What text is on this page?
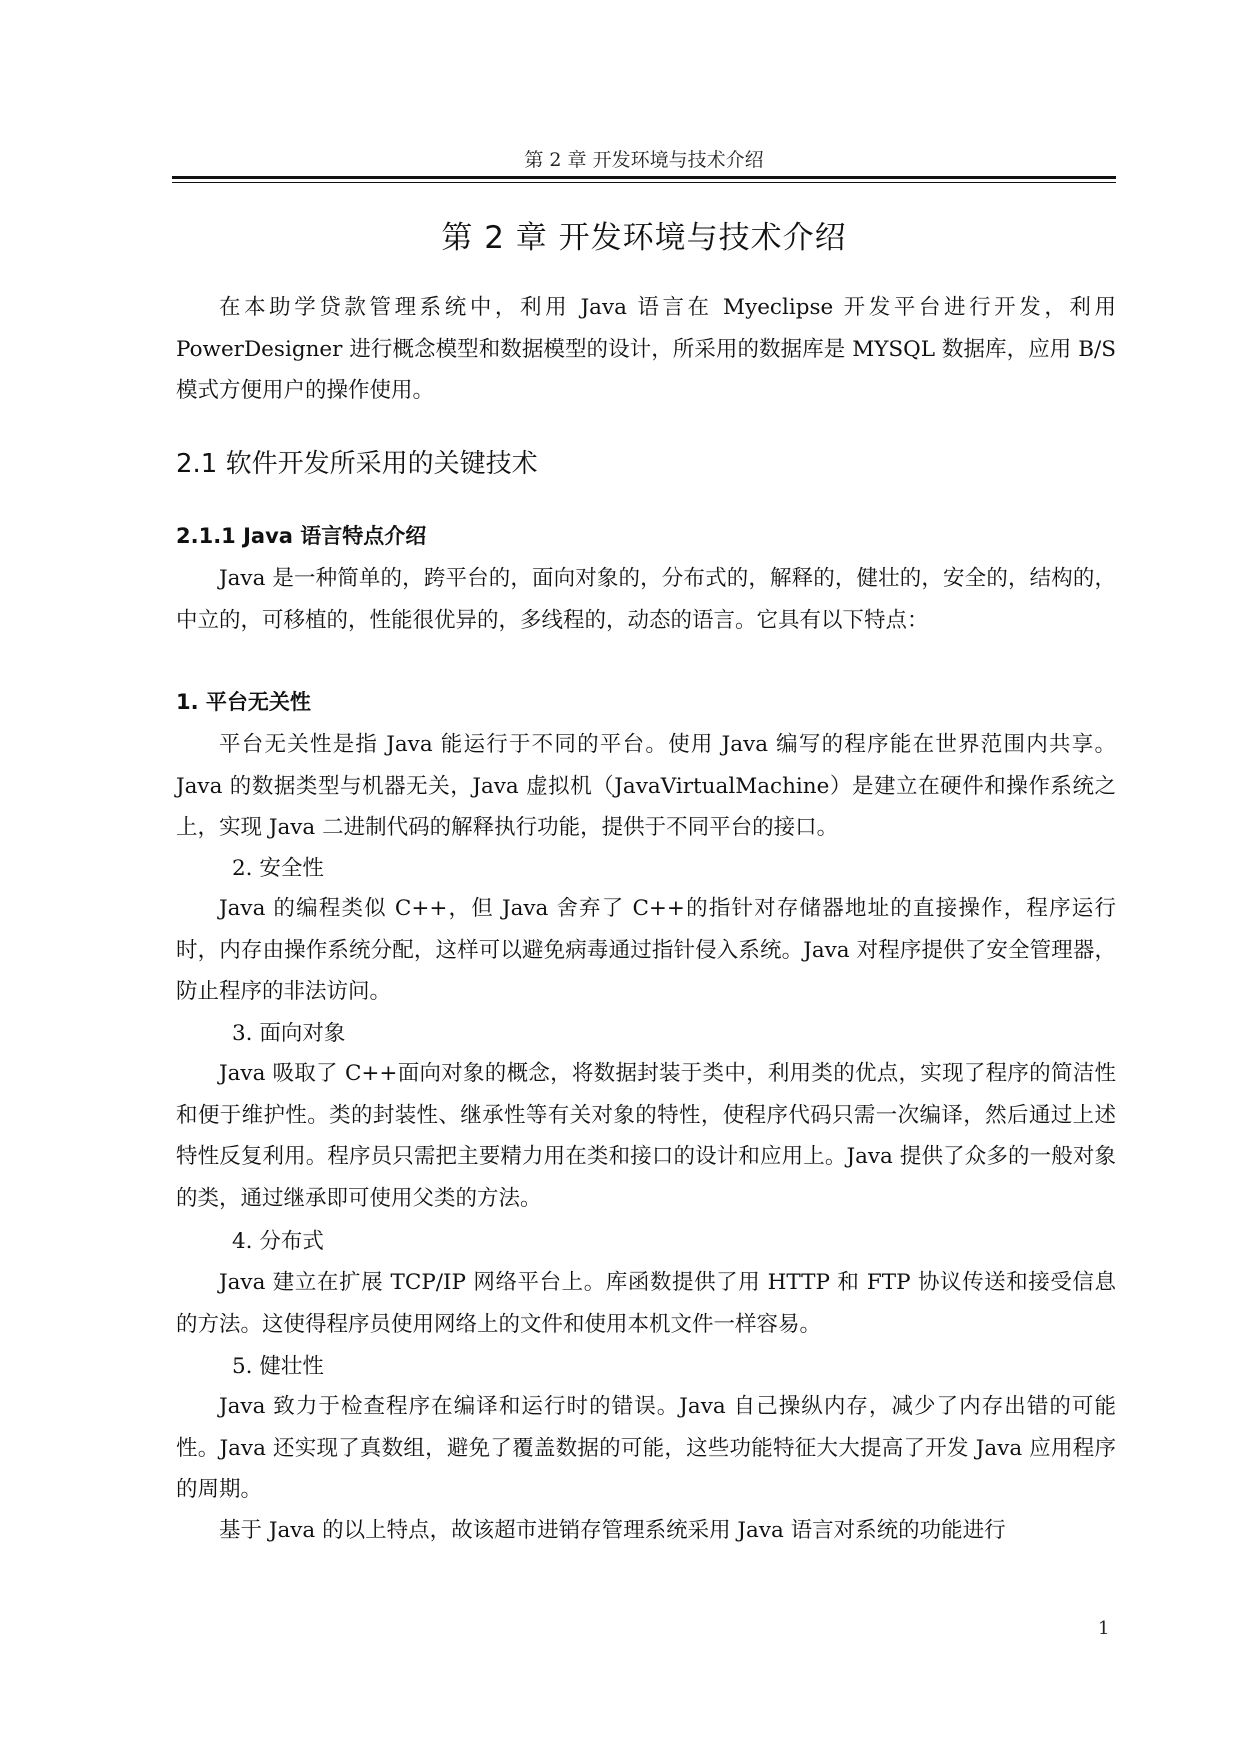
第 2 章 开发环境与技术介绍
第 2 章 开发环境与技术介绍

在本助学贷款管理系统中，利用 Java 语言在 Myeclipse 开发平台进行开发，利用 PowerDesigner 进行概念模型和数据模型的设计，所采用的数据库是 MYSQL 数据库，应用 B/S 模式方便用户的操作使用。

2.1 软件开发所采用的关键技术
2.1.1 Java 语言特点介绍

Java 是一种简单的，跨平台的，面向对象的，分布式的，解释的，健壮的，安全的，结构的，中立的，可移植的，性能很优异的，多线程的，动态的语言。它具有以下特点：

1. 平台无关性

平台无关性是指 Java 能运行于不同的平台。使用 Java 编写的程序能在世界范围内共享。Java 的数据类型与机器无关，Java 虚拟机（JavaVirtualMachine）是建立在硬件和操作系统之上，实现 Java 二进制代码的解释执行功能，提供于不同平台的接口。

2. 安全性

Java 的编程类似 C++，但 Java 舍弃了 C++的指针对存储器地址的直接操作，程序运行时，内存由操作系统分配，这样可以避免病毒通过指针侵入系统。Java 对程序提供了安全管理器，防止程序的非法访问。

3. 面向对象

Java 吸取了 C++面向对象的概念，将数据封装于类中，利用类的优点，实现了程序的简洁性和便于维护性。类的封装性、继承性等有关对象的特性，使程序代码只需一次编译，然后通过上述特性反复利用。程序员只需把主要精力用在类和接口的设计和应用上。Java 提供了众多的一般对象的类，通过继承即可使用父类的方法。

4. 分布式

Java 建立在扩展 TCP/IP 网络平台上。库函数提供了用 HTTP 和 FTP 协议传送和接受信息的方法。这使得程序员使用网络上的文件和使用本机文件一样容易。

5. 健壮性

Java 致力于检查程序在编译和运行时的错误。Java 自己操纵内存，减少了内存出错的可能性。Java 还实现了真数组，避免了覆盖数据的可能，这些功能特征大大提高了开发 Java 应用程序的周期。

基于 Java 的以上特点，故该超市进销存管理系统采用 Java 语言对系统的功能进行

1
